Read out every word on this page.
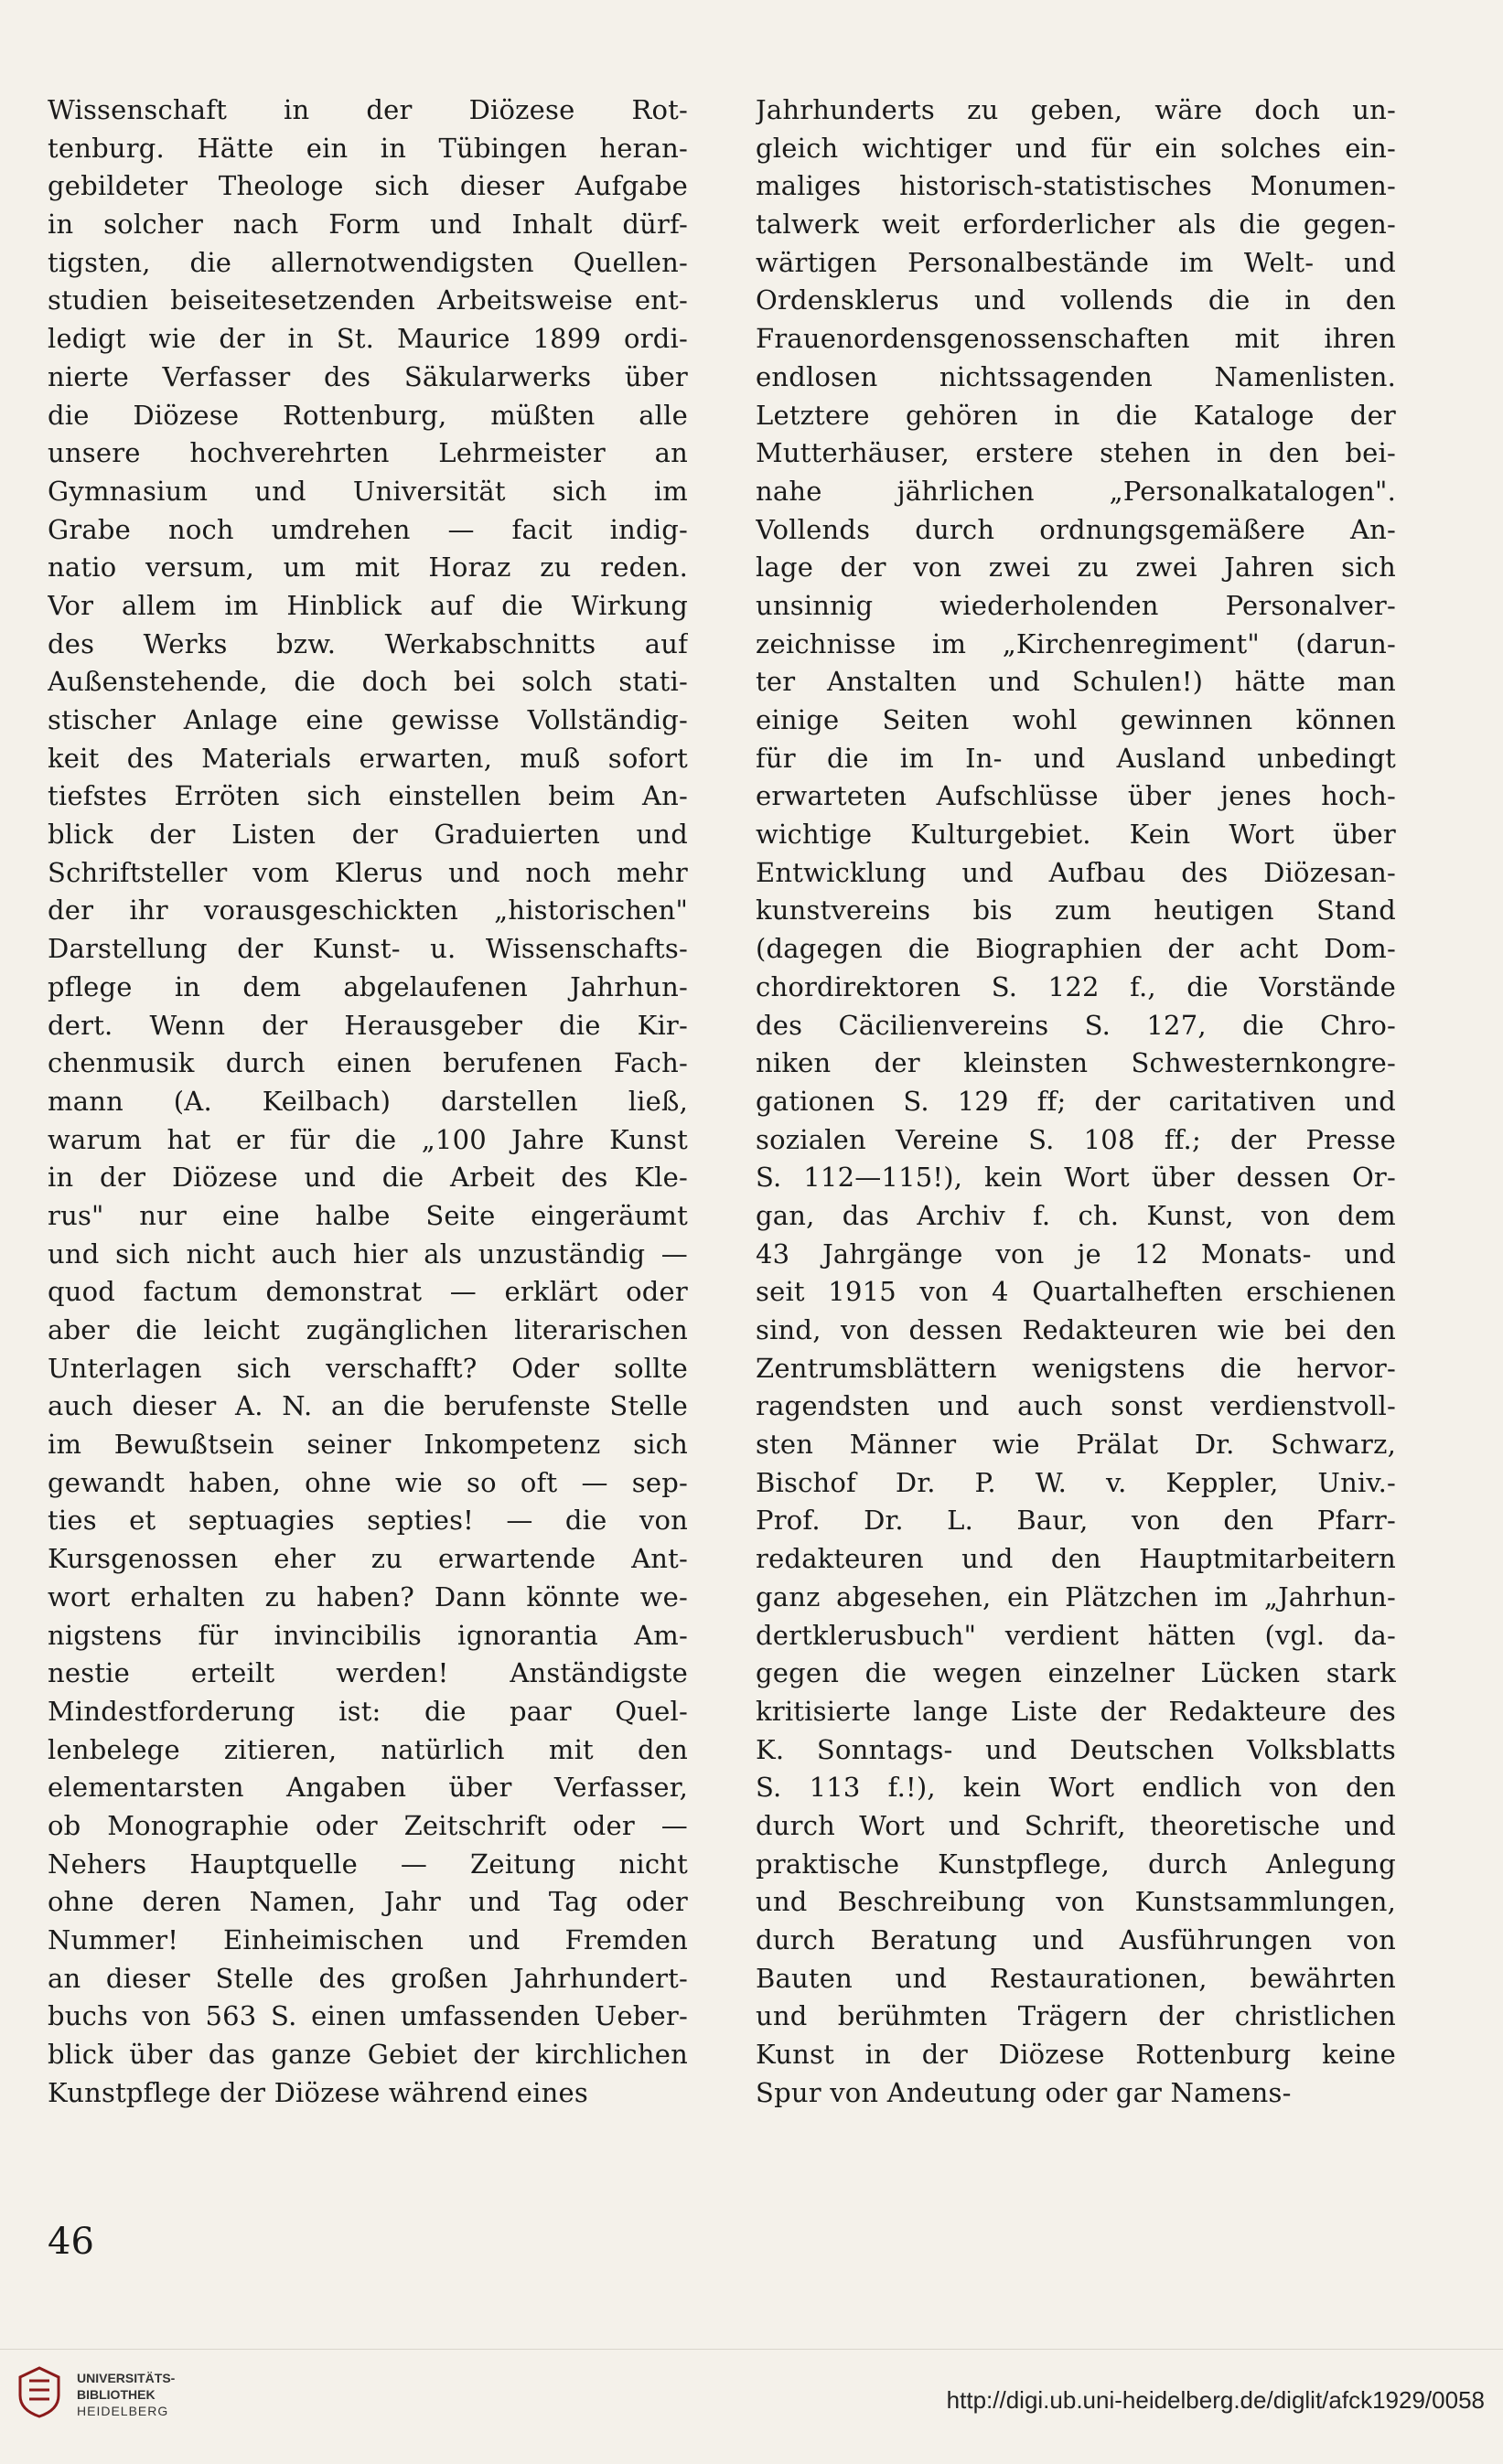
Wissenschaft in der Diözese Rot-
tenburg. Hätte ein in Tübingen heran-
gebildeter Theologe sich dieser Aufgabe
in solcher nach Form und Inhalt dürf-
tigsten, die allernotwendigsten Quellen-
studien beiseitesetzenden Arbeitsweise ent-
ledigt wie der in St. Maurice 1899 ordi-
nierte Verfasser des Säkularwerks über
die Diözese Rottenburg, müßten alle
unsere hochverehrten Lehrmeister an
Gymnasium und Universität sich im
Grabe noch umdrehen — facit indig-
natio versum, um mit Horaz zu reden.
Vor allem im Hinblick auf die Wirkung
des Werks bzw. Werkabschnitts auf
Außenstehende, die doch bei solch stati-
stischer Anlage eine gewisse Vollständig-
keit des Materials erwarten, muß sofort
tiefstes Erröten sich einstellen beim An-
blick der Listen der Graduierten und
Schriftsteller vom Klerus und noch mehr
der ihr vorausgeschickten „historischen"
Darstellung der Kunst- u. Wissenschafts-
pflege in dem abgelaufenen Jahrhun-
dert. Wenn der Herausgeber die Kir-
chenmusik durch einen berufenen Fach-
mann (A. Keilbach) darstellen ließ,
warum hat er für die „100 Jahre Kunst
in der Diözese und die Arbeit des Kle-
rus" nur eine halbe Seite eingeräumt
und sich nicht auch hier als unzuständig —
quod factum demonstrat — erklärt oder
aber die leicht zugänglichen literarischen
Unterlagen sich verschafft? Oder sollte
auch dieser A. N. an die berufenste Stelle
im Bewußtsein seiner Inkompetenz sich
gewandt haben, ohne wie so oft — sep-
ties et septuagies septies! — die von
Kursgenossen eher zu erwartende Ant-
wort erhalten zu haben? Dann könnte we-
nigstens für invincibilis ignorantia Am-
nestie erteilt werden! Anständigste
Mindestforderung ist: die paar Quel-
lenbelege zitieren, natürlich mit den
elementarsten Angaben über Verfasser,
ob Monographie oder Zeitschrift oder —
Nehers Hauptquelle — Zeitung nicht
ohne deren Namen, Jahr und Tag oder
Nummer! Einheimischen und Fremden
an dieser Stelle des großen Jahrhundert-
buchs von 563 S. einen umfassenden Ueber-
blick über das ganze Gebiet der kirchlichen
Kunstpflege der Diözese während eines
Jahrhunderts zu geben, wäre doch un-
gleich wichtiger und für ein solches ein-
maliges historisch-statistisches Monumen-
talwerk weit erforderlicher als die gegen-
wärtigen Personalbestände im Welt- und
Ordensklerus und vollends die in den
Frauenordensgenossenschaften mit ihren
endlosen nichtssagenden Namenlisten.
Letztere gehören in die Kataloge der
Mutterhäuser, erstere stehen in den bei-
nahe jährlichen „Personalkatalogen".
Vollends durch ordnungsgemäßere An-
lage der von zwei zu zwei Jahren sich
unsinnig wiederholenden Personalver-
zeichnisse im „Kirchenregiment" (darun-
ter Anstalten und Schulen!) hätte man
einige Seiten wohl gewinnen können
für die im In- und Ausland unbedingt
erwarteten Aufschlüsse über jenes hoch-
wichtige Kulturgebiet. Kein Wort über
Entwicklung und Aufbau des Diözesan-
kunstvereins bis zum heutigen Stand
(dagegen die Biographien der acht Dom-
chordirektoren S. 122 f., die Vorstände
des Cäcilienvereins S. 127, die Chro-
niken der kleinsten Schwesternkongre-
gationen S. 129 ff; der caritativen und
sozialen Vereine S. 108 ff.; der Presse
S. 112—115!), kein Wort über dessen Or-
gan, das Archiv f. ch. Kunst, von dem
43 Jahrgänge von je 12 Monats- und
seit 1915 von 4 Quartalheften erschienen
sind, von dessen Redakteuren wie bei den
Zentrumsblättern wenigstens die hervor-
ragendsten und auch sonst verdienstvoll-
sten Männer wie Prälat Dr. Schwarz,
Bischof Dr. P. W. v. Keppler, Univ.-
Prof. Dr. L. Baur, von den Pfarr-
redakteuren und den Hauptmitarbeitern
ganz abgesehen, ein Plätzchen im „Jahrhun-
dertklerusbuch" verdient hätten (vgl. da-
gegen die wegen einzelner Lücken stark
kritisierte lange Liste der Redakteure des
K. Sonntags- und Deutschen Volksblatts
S. 113 f.!), kein Wort endlich von den
durch Wort und Schrift, theoretische und
praktische Kunstpflege, durch Anlegung
und Beschreibung von Kunstsammlungen,
durch Beratung und Ausführungen von
Bauten und Restaurationen, bewährten
und berühmten Trägern der christlichen
Kunst in der Diözese Rottenburg keine
Spur von Andeutung oder gar Namens-
46
UNIVERSITÄTS-
BIBLIOTHEK
HEIDELBERG	http://digi.ub.uni-heidelberg.de/diglit/afck1929/0058
